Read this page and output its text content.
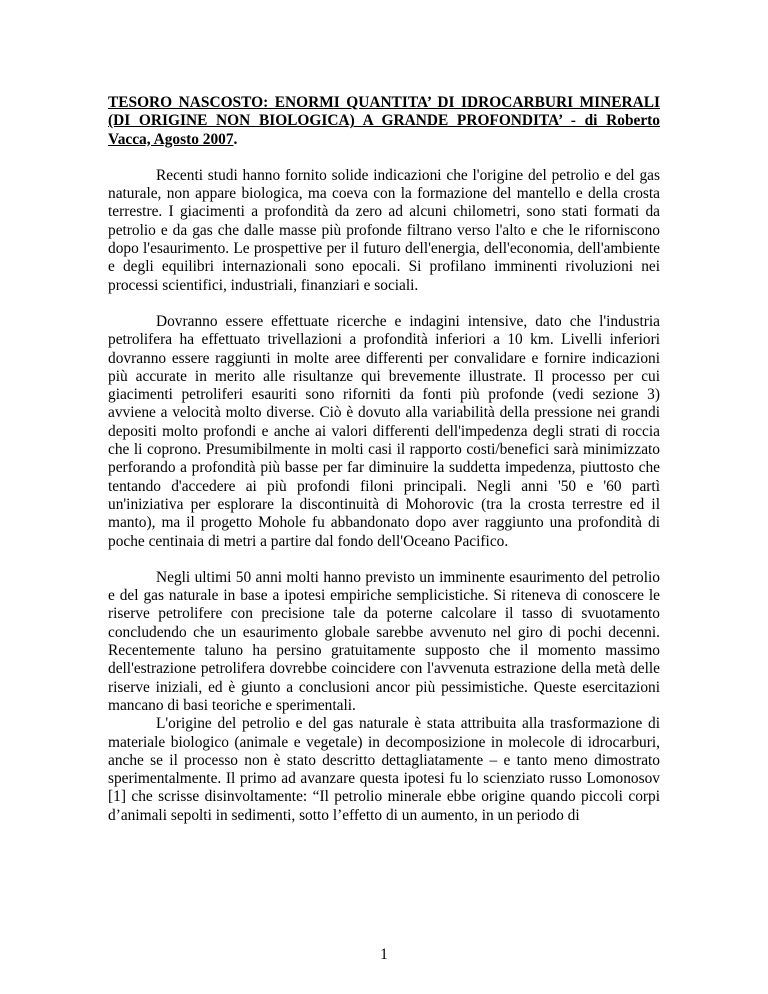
TESORO NASCOSTO: ENORMI QUANTITA’ DI IDROCARBURI MINERALI (DI ORIGINE NON BIOLOGICA) A GRANDE PROFONDITA’ - di Roberto Vacca, Agosto 2007.

Recenti studi hanno fornito solide indicazioni che l'origine del petrolio e del gas naturale, non appare biologica, ma coeva con la formazione del mantello e della crosta terrestre. I giacimenti a profondità da zero ad alcuni chilometri, sono stati formati da petrolio e da gas che dalle masse più profonde filtrano verso l'alto e che le riforniscono dopo l'esaurimento. Le prospettive per il futuro dell'energia, dell'economia, dell'ambiente e degli equilibri internazionali sono epocali. Si profilano imminenti rivoluzioni nei processi scientifici, industriali, finanziari e sociali.

Dovranno essere effettuate ricerche e indagini intensive, dato che l'industria petrolifera ha effettuato trivellazioni a profondità inferiori a 10 km. Livelli inferiori dovranno essere raggiunti in molte aree differenti per convalidare e fornire indicazioni più accurate in merito alle risultanze qui brevemente illustrate. Il processo per cui giacimenti petroliferi esauriti sono riforniti da fonti più profonde (vedi sezione 3) avviene a velocità molto diverse. Ciò è dovuto alla variabilità della pressione nei grandi depositi molto profondi e anche ai valori differenti dell'impedenza degli strati di roccia che li coprono. Presumibilmente in molti casi il rapporto costi/benefici sarà minimizzato perforando a profondità più basse per far diminuire la suddetta impedenza, piuttosto che tentando d'accedere ai più profondi filoni principali. Negli anni '50 e '60 partì un'iniziativa per esplorare la discontinuità di Mohorovic (tra la crosta terrestre ed il manto), ma il progetto Mohole fu abbandonato dopo aver raggiunto una profondità di poche centinaia di metri a partire dal fondo dell'Oceano Pacifico.

Negli ultimi 50 anni molti hanno previsto un imminente esaurimento del petrolio e del gas naturale in base a ipotesi empiriche semplicistiche. Si riteneva di conoscere le riserve petrolifere con precisione tale da poterne calcolare il tasso di svuotamento concludendo che un esaurimento globale sarebbe avvenuto nel giro di pochi decenni. Recentemente taluno ha persino gratuitamente supposto che il momento massimo dell'estrazione petrolifera dovrebbe coincidere con l'avvenuta estrazione della metà delle riserve iniziali, ed è giunto a conclusioni ancor più pessimistiche. Queste esercitazioni mancano di basi teoriche e sperimentali.

L'origine del petrolio e del gas naturale è stata attribuita alla trasformazione di materiale biologico (animale e vegetale) in decomposizione in molecole di idrocarburi, anche se il processo non è stato descritto dettagliatamente – e tanto meno dimostrato sperimentalmente. Il primo ad avanzare questa ipotesi fu lo scienziato russo Lomonosov [1] che scrisse disinvoltamente: “Il petrolio minerale ebbe origine quando piccoli corpi d’animali sepolti in sedimenti, sotto l’effetto di un aumento, in un periodo di

1
